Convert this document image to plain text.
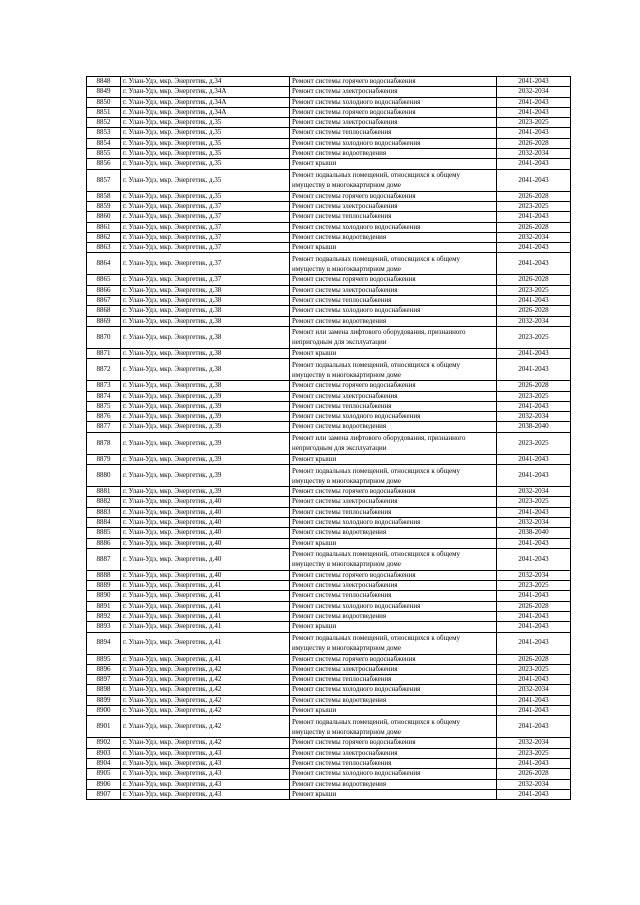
8848	г. Улан-Удэ, мкр. Энергетик, д.34	Ремонт системы горячего водоснабжения	2041-2043
8849	г. Улан-Удэ, мкр. Энергетик, д.34А	Ремонт системы электроснабжения	2032-2034
8850	г. Улан-Удэ, мкр. Энергетик, д.34А	Ремонт системы холодного водоснабжения	2041-2043
8851	г. Улан-Удэ, мкр. Энергетик, д.34А	Ремонт системы горячего водоснабжения	2041-2043
8852	г. Улан-Удэ, мкр. Энергетик, д.35	Ремонт системы электроснабжения	2023-2025
8853	г. Улан-Удэ, мкр. Энергетик, д.35	Ремонт системы теплоснабжения	2041-2043
8854	г. Улан-Удэ, мкр. Энергетик, д.35	Ремонт системы холодного водоснабжения	2026-2028
8855	г. Улан-Удэ, мкр. Энергетик, д.35	Ремонт системы водоотведения	2032-2034
8856	г. Улан-Удэ, мкр. Энергетик, д.35	Ремонт крыши	2041-2043
8857	г. Улан-Удэ, мкр. Энергетик, д.35	Ремонт подвальных помещений, относящихся к общему имуществу в многоквартирном доме	2041-2043
8858	г. Улан-Удэ, мкр. Энергетик, д.35	Ремонт системы горячего водоснабжения	2026-2028
8859	г. Улан-Удэ, мкр. Энергетик, д.37	Ремонт системы электроснабжения	2023-2025
8860	г. Улан-Удэ, мкр. Энергетик, д.37	Ремонт системы теплоснабжения	2041-2043
8861	г. Улан-Удэ, мкр. Энергетик, д.37	Ремонт системы холодного водоснабжения	2026-2028
8862	г. Улан-Удэ, мкр. Энергетик, д.37	Ремонт системы водоотведения	2032-2034
8863	г. Улан-Удэ, мкр. Энергетик, д.37	Ремонт крыши	2041-2043
8864	г. Улан-Удэ, мкр. Энергетик, д.37	Ремонт подвальных помещений, относящихся к общему имуществу в многоквартирном доме	2041-2043
8865	г. Улан-Удэ, мкр. Энергетик, д.37	Ремонт системы горячего водоснабжения	2026-2028
8866	г. Улан-Удэ, мкр. Энергетик, д.38	Ремонт системы электроснабжения	2023-2025
8867	г. Улан-Удэ, мкр. Энергетик, д.38	Ремонт системы теплоснабжения	2041-2043
8868	г. Улан-Удэ, мкр. Энергетик, д.38	Ремонт системы холодного водоснабжения	2026-2028
8869	г. Улан-Удэ, мкр. Энергетик, д.38	Ремонт системы водоотведения	2032-2034
8870	г. Улан-Удэ, мкр. Энергетик, д.38	Ремонт или замена лифтового оборудования, признанного непригодным для эксплуатации	2023-2025
8871	г. Улан-Удэ, мкр. Энергетик, д.38	Ремонт крыши	2041-2043
8872	г. Улан-Удэ, мкр. Энергетик, д.38	Ремонт подвальных помещений, относящихся к общему имуществу в многоквартирном доме	2041-2043
8873	г. Улан-Удэ, мкр. Энергетик, д.38	Ремонт системы горячего водоснабжения	2026-2028
8874	г. Улан-Удэ, мкр. Энергетик, д.39	Ремонт системы электроснабжения	2023-2025
8875	г. Улан-Удэ, мкр. Энергетик, д.39	Ремонт системы теплоснабжения	2041-2043
8876	г. Улан-Удэ, мкр. Энергетик, д.39	Ремонт системы холодного водоснабжения	2032-2034
8877	г. Улан-Удэ, мкр. Энергетик, д.39	Ремонт системы водоотведения	2038-2040
8878	г. Улан-Удэ, мкр. Энергетик, д.39	Ремонт или замена лифтового оборудования, признанного непригодным для эксплуатации	2023-2025
8879	г. Улан-Удэ, мкр. Энергетик, д.39	Ремонт крыши	2041-2043
8880	г. Улан-Удэ, мкр. Энергетик, д.39	Ремонт подвальных помещений, относящихся к общему имуществу в многоквартирном доме	2041-2043
8881	г. Улан-Удэ, мкр. Энергетик, д.39	Ремонт системы горячего водоснабжения	2032-2034
8882	г. Улан-Удэ, мкр. Энергетик, д.40	Ремонт системы электроснабжения	2023-2025
8883	г. Улан-Удэ, мкр. Энергетик, д.40	Ремонт системы теплоснабжения	2041-2043
8884	г. Улан-Удэ, мкр. Энергетик, д.40	Ремонт системы холодного водоснабжения	2032-2034
8885	г. Улан-Удэ, мкр. Энергетик, д.40	Ремонт системы водоотведения	2038-2040
8886	г. Улан-Удэ, мкр. Энергетик, д.40	Ремонт крыши	2041-2043
8887	г. Улан-Удэ, мкр. Энергетик, д.40	Ремонт подвальных помещений, относящихся к общему имуществу в многоквартирном доме	2041-2043
8888	г. Улан-Удэ, мкр. Энергетик, д.40	Ремонт системы горячего водоснабжения	2032-2034
8889	г. Улан-Удэ, мкр. Энергетик, д.41	Ремонт системы электроснабжения	2023-2025
8890	г. Улан-Удэ, мкр. Энергетик, д.41	Ремонт системы теплоснабжения	2041-2043
8891	г. Улан-Удэ, мкр. Энергетик, д.41	Ремонт системы холодного водоснабжения	2026-2028
8892	г. Улан-Удэ, мкр. Энергетик, д.41	Ремонт системы водоотведения	2041-2043
8893	г. Улан-Удэ, мкр. Энергетик, д.41	Ремонт крыши	2041-2043
8894	г. Улан-Удэ, мкр. Энергетик, д.41	Ремонт подвальных помещений, относящихся к общему имуществу в многоквартирном доме	2041-2043
8895	г. Улан-Удэ, мкр. Энергетик, д.41	Ремонт системы горячего водоснабжения	2026-2028
8896	г. Улан-Удэ, мкр. Энергетик, д.42	Ремонт системы электроснабжения	2023-2025
8897	г. Улан-Удэ, мкр. Энергетик, д.42	Ремонт системы теплоснабжения	2041-2043
8898	г. Улан-Удэ, мкр. Энергетик, д.42	Ремонт системы холодного водоснабжения	2032-2034
8899	г. Улан-Удэ, мкр. Энергетик, д.42	Ремонт системы водоотведения	2041-2043
8900	г. Улан-Удэ, мкр. Энергетик, д.42	Ремонт крыши	2041-2043
8901	г. Улан-Удэ, мкр. Энергетик, д.42	Ремонт подвальных помещений, относящихся к общему имуществу в многоквартирном доме	2041-2043
8902	г. Улан-Удэ, мкр. Энергетик, д.42	Ремонт системы горячего водоснабжения	2032-2034
8903	г. Улан-Удэ, мкр. Энергетик, д.43	Ремонт системы электроснабжения	2023-2025
8904	г. Улан-Удэ, мкр. Энергетик, д.43	Ремонт системы теплоснабжения	2041-2043
8905	г. Улан-Удэ, мкр. Энергетик, д.43	Ремонт системы холодного водоснабжения	2026-2028
8906	г. Улан-Удэ, мкр. Энергетик, д.43	Ремонт системы водоотведения	2032-2034
8907	г. Улан-Удэ, мкр. Энергетик, д.43	Ремонт крыши	2041-2043
